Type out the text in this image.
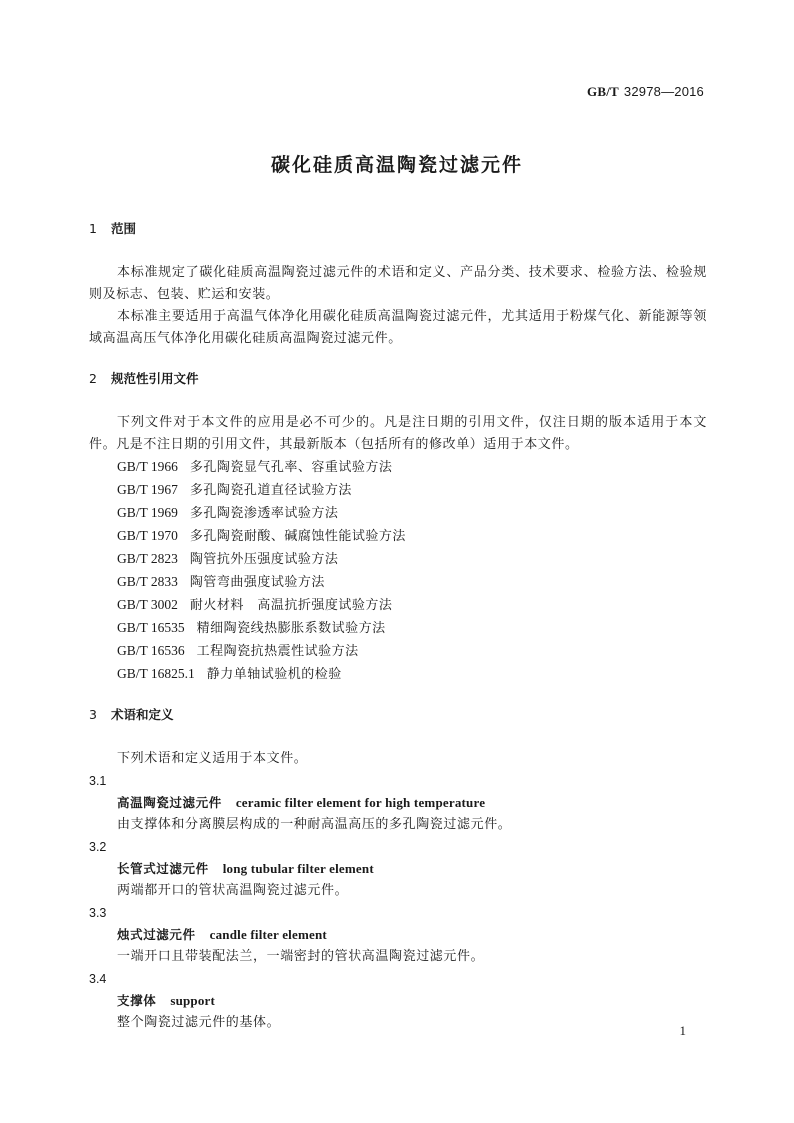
GB/T 32978—2016
碳化硅质高温陶瓷过滤元件
1 范围

本标准规定了碳化硅质高温陶瓷过滤元件的术语和定义、产品分类、技术要求、检验方法、检验规则及标志、包装、贮运和安装。

本标准主要适用于高温气体净化用碳化硅质高温陶瓷过滤元件，尤其适用于粉煤气化、新能源等领域高温高压气体净化用碳化硅质高温陶瓷过滤元件。

2 规范性引用文件

下列文件对于本文件的应用是必不可少的。凡是注日期的引用文件，仅注日期的版本适用于本文件。凡是不注日期的引用文件，其最新版本（包括所有的修改单）适用于本文件。

GB/T 1966 多孔陶瓷显气孔率、容重试验方法
GB/T 1967 多孔陶瓷孔道直径试验方法
GB/T 1969 多孔陶瓷渗透率试验方法
GB/T 1970 多孔陶瓷耐酸、碱腐蚀性能试验方法
GB/T 2823 陶管抗外压强度试验方法
GB/T 2833 陶管弯曲强度试验方法
GB/T 3002 耐火材料　高温抗折强度试验方法
GB/T 16535 精细陶瓷线热膨胀系数试验方法
GB/T 16536 工程陶瓷抗热震性试验方法
GB/T 16825.1 静力单轴试验机的检验
3 术语和定义

下列术语和定义适用于本文件。

3.1
高温陶瓷过滤元件 ceramic filter element for high temperature
由支撑体和分离膜层构成的一种耐高温高压的多孔陶瓷过滤元件。
3.2
长管式过滤元件 long tubular filter element
两端都开口的管状高温陶瓷过滤元件。
3.3
烛式过滤元件 candle filter element
一端开口且带装配法兰，一端密封的管状高温陶瓷过滤元件。
3.4
支撑体 support
整个陶瓷过滤元件的基体。
1
